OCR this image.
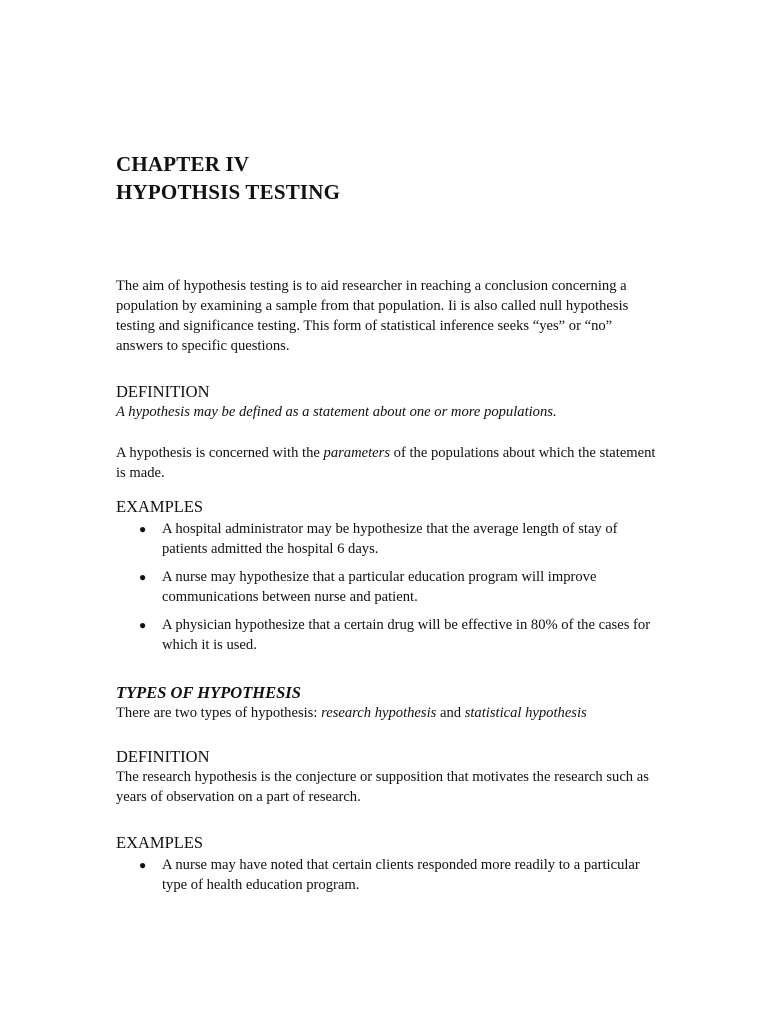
CHAPTER IV
HYPOTHSIS TESTING

The aim of hypothesis testing is to aid researcher in reaching a conclusion concerning a population by examining a sample from that population. Ii is also called null hypothesis testing and significance testing. This form of statistical inference seeks “yes” or “no” answers to specific questions.

DEFINITION

A hypothesis may be defined as a statement about one or more populations.

A hypothesis is concerned with the parameters of the populations about which the statement is made.

EXAMPLES
● A hospital administrator may be hypothesize that the average length of stay of patients admitted the hospital 6 days.
● A nurse may hypothesize that a particular education program will improve communications between nurse and patient.
● A physician hypothesize that a certain drug will be effective in 80% of the cases for which it is used.
TYPES OF HYPOTHESIS

There are two types of hypothesis: research hypothesis and statistical hypothesis

DEFINITION

The research hypothesis is the conjecture or supposition that motivates the research such as years of observation on a part of research.

EXAMPLES
● A nurse may have noted that certain clients responded more readily to a particular type of health education program.
